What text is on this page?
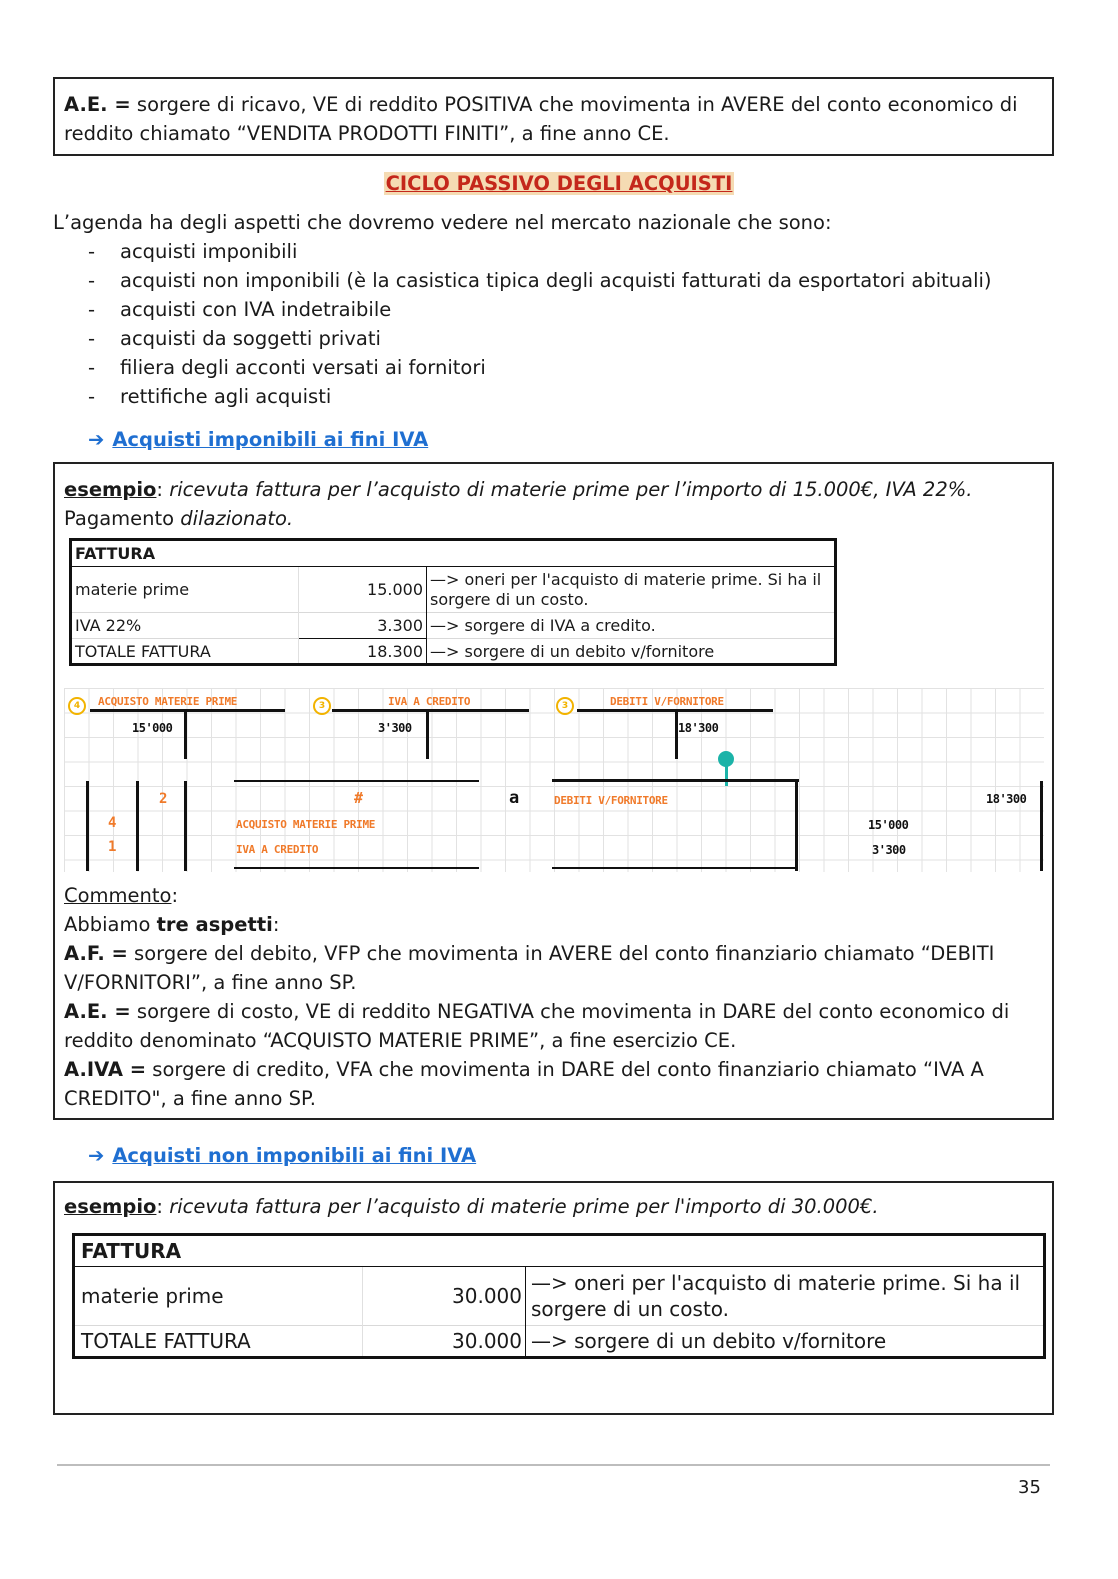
A.E. = sorgere di ricavo, VE di reddito POSITIVA che movimenta in AVERE del conto economico di reddito chiamato “VENDITA PRODOTTI FINITI”, a fine anno CE.

CICLO PASSIVO DEGLI ACQUISTI

L’agenda ha degli aspetti che dovremo vedere nel mercato nazionale che sono:

- acquisti imponibili
- acquisti non imponibili (è la casistica tipica degli acquisti fatturati da esportatori abituali)
- acquisti con IVA indetraibile
- acquisti da soggetti privati
- filiera degli acconti versati ai fornitori
- rettifiche agli acquisti
➔ Acquisti imponibili ai fini IVA

esempio: ricevuta fattura per l’acquisto di materie prime per l’importo di 15.000€, IVA 22%.
Pagamento dilazionato.

FATTURA		
materie prime	15.000	—> oneri per l'acquisto di materie prime. Si ha il sorgere di un costo.
IVA 22%	3.300	—> sorgere di IVA a credito.
TOTALE FATTURA	18.300	—> sorgere di un debito v/fornitore

Commento:

Abbiamo tre aspetti:

A.F. = sorgere del debito, VFP che movimenta in AVERE del conto finanziario chiamato “DEBITI V/FORNITORI”, a fine anno SP.

A.E. = sorgere di costo, VE di reddito NEGATIVA che movimenta in DARE del conto economico di reddito denominato “ACQUISTO MATERIE PRIME”, a fine esercizio CE.

A.IVA = sorgere di credito, VFA che movimenta in DARE del conto finanziario chiamato “IVA A CREDITO", a fine anno SP.

4	ACQUISTO MATERIE PRIME
15'000
3	IVA A CREDITO
3'300
3	DEBITI V/FORNITORE
18'300
2	#	a	DEBITI V/FORNITORE	18'300
4	ACQUISTO MATERIE PRIME	15'000
1	IVA A CREDITO	3'300
➔ Acquisti non imponibili ai fini IVA

esempio: ricevuta fattura per l’acquisto di materie prime per l'importo di 30.000€.

FATTURA		
materie prime	30.000	—> oneri per l'acquisto di materie prime. Si ha il sorgere di un costo.
TOTALE FATTURA	30.000	—> sorgere di un debito v/fornitore
35
